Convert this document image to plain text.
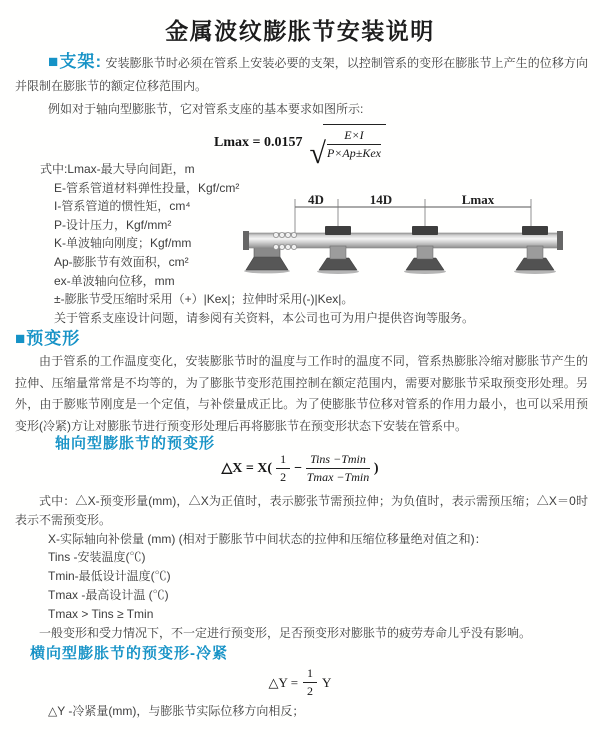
金属波纹膨胀节安装说明

■支架: 安装膨胀节时必须在管系上安装必要的支架，以控制管系的变形在膨胀节上产生的位移方向并限制在膨胀节的额定位移范围内。

例如对于轴向型膨胀节，它对管系支座的基本要求如图所示:

Lmax = 0.0157 √ $\frac{E\times I}{\text{P×Ap±Kex}}$
式中:Lmax-最大导向间距，m
E-管系管道材料弹性投量，Kgf/cm²
I-管系管道的惯性矩，cm⁴
P-设计压力，Kgf/mm²
K-单波轴向刚度；Kgf/mm
Ap-膨胀节有效面积，cm²
ex-单波轴向位移，mm
±-膨胀节受压缩时采用（+）|Kex|；拉伸时采用(-)|Kex|。
关于管系支座设计问题，请参阅有关资料，本公司也可为用户提供咨询等服务。
4D	14D	Lmax

■预变形

由于管系的工作温度变化，安装膨胀节时的温度与工作时的温度不同，管系热膨胀冷缩对膨胀节产生的拉伸、压缩量常常是不均等的，为了膨胀节变形范围控制在额定范围内，需要对膨胀节采取预变形处理。另外，由于膨账节刚度是一个定值，与补偿量成正比。为了使膨胀节位移对管系的作用力最小，也可以采用预变形(冷紧)方让对膨胀节进行预变形处理后再将膨胀节在预变形状态下安装在管系中。

轴向型膨胀节的预变形

△X = $X( \frac{1}{2} - \frac{\text{Tins −Tmin}}{Tmax -Tmin}$ )

式中：△X-预变形量(mm)，△X为正值时，表示膨张节需预拉伸；为负值时，表示需预压缩；△X＝0时表示不需预变形。

X-实际轴向补偿量 (mm) (相对于膨胀节中间状态的拉伸和压缩位移量绝对值之和)：
Tins -安装温度(℃)
Tmin-最低设计温度(℃)
Tmax -最高设计温 (℃)
Tmax > Tins ≥ Tmin

一般变形和受力情况下，不一定进行预变形，足否预变形对膨胀节的疲劳寿命儿乎没有影响。

横向型膨胀节的预变形-冷紧

△Y = $\frac{1}{2}$ Y
△Y -冷紧量(mm)，与膨胀节实际位移方向相反；
